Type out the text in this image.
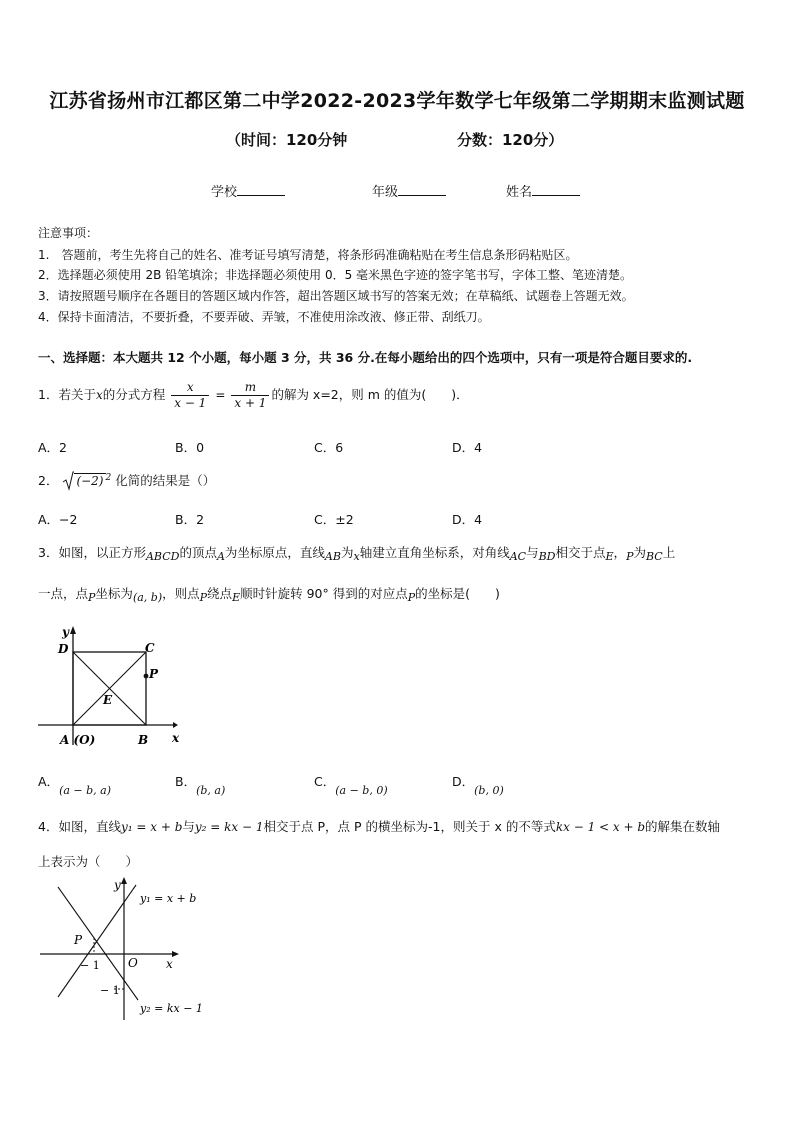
江苏省扬州市江都区第二中学2022-2023学年数学七年级第二学期期末监测试题
（时间：120分钟	分数：120分）
学校	年级	姓名
注意事项：
1.　答题前，考生先将自己的姓名、准考证号填写清楚，将条形码准确粘贴在考生信息条形码粘贴区。
2．选择题必须使用 2B 铅笔填涂；非选择题必须使用 0．5 毫米黑色字迹的签字笔书写，字体工整、笔迹清楚。
3．请按照题号顺序在各题目的答题区域内作答，超出答题区域书写的答案无效；在草稿纸、试题卷上答题无效。
4．保持卡面清洁，不要折叠，不要弄破、弄皱，不准使用涂改液、修正带、刮纸刀。
一、选择题：本大题共 12 个小题，每小题 3 分，共 36 分.在每小题给出的四个选项中，只有一项是符合题目要求的.
1．若关于x的分式方程 $\frac{x}{x - 1} = \frac{m}{x + 1}$ 的解为 x=2，则 m 的值为(　　)．
A．2	B．0	C．6	D．4
2． (−2) $^2$ 化简的结果是（）
A．−2	B．2	C．±2	D．4
3．如图，以正方形ABCD的顶点A为坐标原点，直线AB为x轴建立直角坐标系，对角线AC与BD相交于点E，P为BC上
一点，点P坐标为(a, b)，则点P绕点E顺时针旋转 90° 得到的对应点P的坐标是(　　)
y
x
D	C
P
E
A (O)	B
A．(a − b, a)
B．(b, a)
C．(a − b, 0)
D．(b, 0)
4．如图，直线y₁ = x + b与y₂ = kx − 1相交于点 P，点 P 的横坐标为-1，则关于 x 的不等式kx − 1 < x + b的解集在数轴
上表示为（　　）
y
x
O
P
− 1
− 1
y₁ = x + b
y₂ = kx − 1
